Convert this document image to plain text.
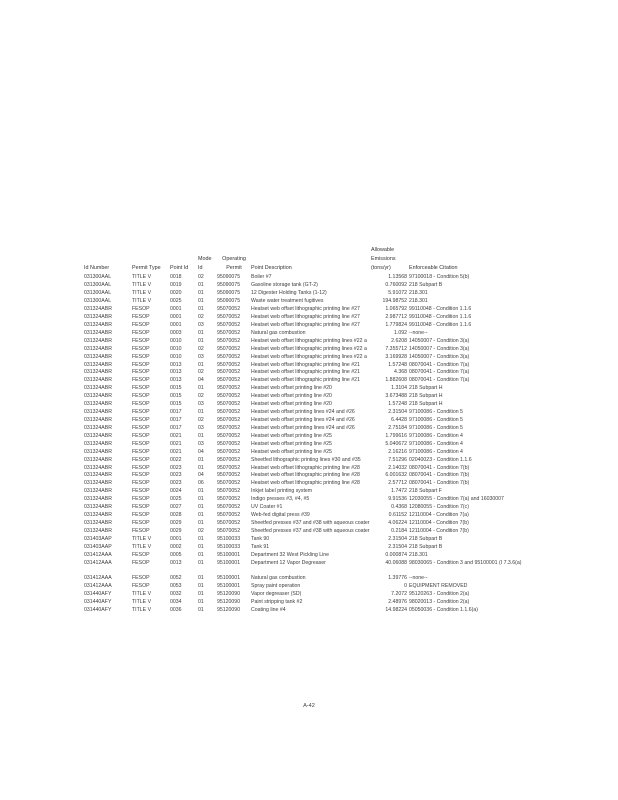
Id Number	Permit Type	Point Id	Mode Id	Operating Permit	Point Description	Allowable Emissions (tons/yr)	Enforceable Citation
031300AAL	TITLE V	0018	02	95090075	Boiler #7	1.13568	97100018 - Condition 5(b)
031300AAL	TITLE V	0019	01	95090075	Gasoline storage tank (GT-2)	0.760092	218 Subpart B
031300AAL	TITLE V	0020	01	95090075	12 Digester Holding Tanks (1-12)	5.91072	218.301
031300AAL	TITLE V	0025	01	95090075	Waste water treatment fugitives	194.98752	218.301
031324ABR	FESOP	0001	01	95070052	Heatset web offset lithographic printing line #27	1.065792	99110048 - Condition 1.1.6
031324ABR	FESOP	0001	02	95070052	Heatset web offset lithographic printing line #27	2.987712	99110048 - Condition 1.1.6
031324ABR	FESOP	0001	03	95070052	Heatset web offset lithographic printing line #27	1.779824	99110048 - Condition 1.1.6
031324ABR	FESOP	0003	01	95070052	Natural gas combustion	1.092	--none--
031324ABR	FESOP	0010	01	95070052	Heatset web offset lithographic printing lines #22 a	2.6208	14050007 - Condition 3(a)
031324ABR	FESOP	0010	02	95070052	Heatset web offset lithographic printing lines #22 a	7.355712	14050007 - Condition 3(a)
031324ABR	FESOP	0010	03	95070052	Heatset web offset lithographic printing lines #22 a	3.169928	14050007 - Condition 3(a)
031324ABR	FESOP	0013	01	95070052	Heatset web offset lithographic printing line #21	1.57248	08070041 - Condition 7(a)
031324ABR	FESOP	0013	02	95070052	Heatset web offset lithographic printing line #21	4.368	08070041 - Condition 7(a)
031324ABR	FESOP	0013	04	95070052	Heatset web offset lithographic printing line #21	1.882608	08070041 - Condition 7(a)
031324ABR	FESOP	0015	01	95070052	Heatset web offset printing line #20	1.3104	218 Subpart H
031324ABR	FESOP	0015	02	95070052	Heatset web offset printing line #20	3.673488	218 Subpart H
031324ABR	FESOP	0015	03	95070052	Heatset web offset printing line #20	1.57248	218 Subpart H
031324ABR	FESOP	0017	01	95070052	Heatset web offset printing lines #24 and #26	2.31504	97100086 - Condition 5
031324ABR	FESOP	0017	02	95070052	Heatset web offset printing lines #24 and #26	6.4428	97100086 - Condition 5
031324ABR	FESOP	0017	03	95070052	Heatset web offset printing lines #24 and #26	2.75184	97100086 - Condition 5
031324ABR	FESOP	0021	01	95070052	Heatset web offset printing line #25	1.799616	97100086 - Condition 4
031324ABR	FESOP	0021	03	95070052	Heatset web offset printing line #25	5.040672	97100086 - Condition 4
031324ABR	FESOP	0021	04	95070052	Heatset web offset printing line #25	2.16216	97100086 - Condition 4
031324ABR	FESOP	0022	01	95070052	Sheetfed lithographic printing lines #30 and #35	7.51296	02040023 - Condition 1.1.6
031324ABR	FESOP	0023	01	95070052	Heatset web offset lithographic printing line #28	2.14032	08070041 - Condition 7(b)
031324ABR	FESOP	0023	04	95070052	Heatset web offset lithographic printing line #28	6.001632	08070041 - Condition 7(b)
031324ABR	FESOP	0023	06	95070052	Heatset web offset lithographic printing line #28	2.57712	08070041 - Condition 7(b)
031324ABR	FESOP	0024	01	95070052	Inkjet label printing system	1.7472	218 Subpart F
031324ABR	FESOP	0025	01	95070052	Indigo presses #3, #4, #5	9.91536	12030055 - Condition 7(a) and 16030007
031324ABR	FESOP	0027	01	95070052	UV Coater #1	0.4368	12080055 - Condition 7(c)
031324ABR	FESOP	0028	01	95070052	Web-fed digital press #39	0.61152	12110004 - Condition 7(a)
031324ABR	FESOP	0029	01	95070052	Sheetfed presses #37 and #38 with aqueous coater	4.06224	12110004 - Condition 7(b)
031324ABR	FESOP	0029	02	95070052	Sheetfed presses #37 and #38 with aqueous coater	0.2184	12110004 - Condition 7(b)
031403AAP	TITLE V	0001	01	95100033	Tank 90	2.31504	218 Subpart B
031403AAP	TITLE V	0002	01	95100033	Tank 91	2.31504	218 Subpart B
031412AAA	FESOP	0005	01	95100001	Department 32 West Pickling Line	0.000874	218.301
031412AAA	FESOP	0013	01	95100001	Department 12 Vapor Degreaser	40.06088	98030065 - Condition 3 and 95100001 (I 7.3.6(a)
031412AAA	FESOP	0052	01	95100001	Natural gas combustion	1.39776	--none--
031412AAA	FESOP	0053	01	95100001	Spray paint operation	0	EQUIPMENT REMOVED
031440AFY	TITLE V	0032	01	95120090	Vapor degreaser (SD)	7.2072	95120263 - Condition 2(a)
031440AFY	TITLE V	0034	01	95120090	Paint stripping tank #2	2.48976	98020013 - Condition 2(a)
031440AFY	TITLE V	0036	01	95120090	Coating line #4	14.98224	05050036 - Condition 1.1.6(a)
A-42
